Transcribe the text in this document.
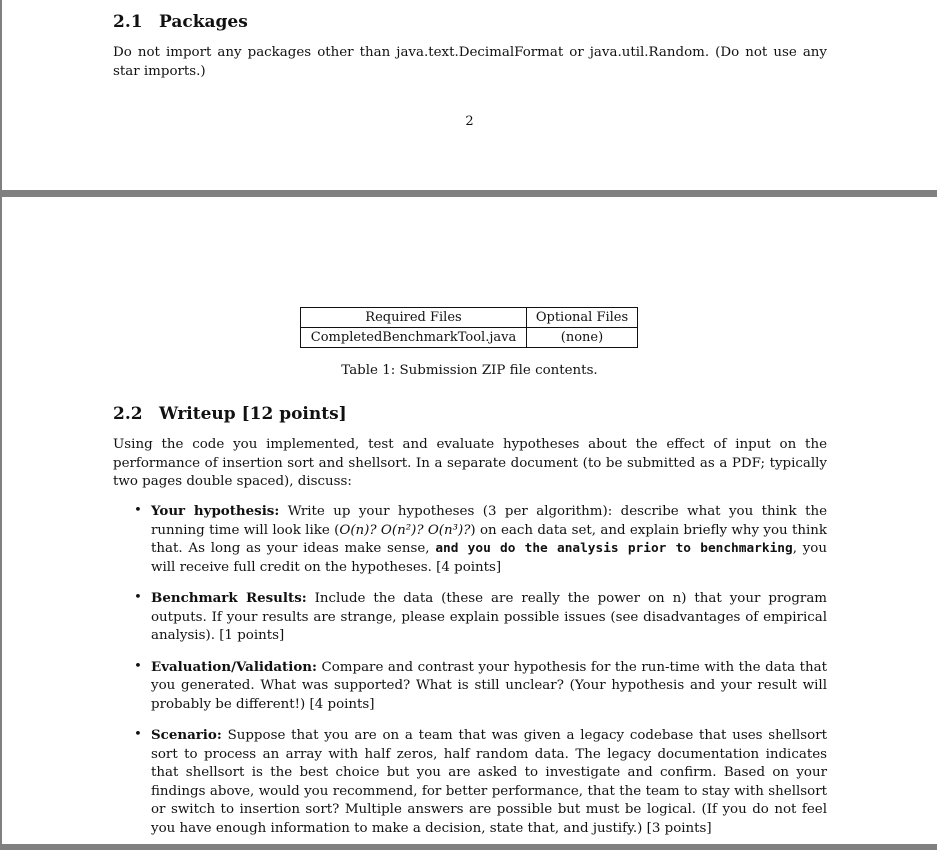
2.1 Packages

Do not import any packages other than java.text.DecimalFormat or java.util.Random. (Do not use any star imports.)

2
Required Files	Optional Files
CompletedBenchmarkTool.java	(none)
Table 1: Submission ZIP file contents.
2.2 Writeup [12 points]

Using the code you implemented, test and evaluate hypotheses about the effect of input on the performance of insertion sort and shellsort. In a separate document (to be submitted as a PDF; typically two pages double spaced), discuss:

• Your hypothesis: Write up your hypotheses (3 per algorithm): describe what you think the running time will look like (O(n)? O(n²)? O(n³)?) on each data set, and explain briefly why you think that. As long as your ideas make sense, and you do the analysis prior to benchmarking, you will receive full credit on the hypotheses. [4 points]
• Benchmark Results: Include the data (these are really the power on n) that your program outputs. If your results are strange, please explain possible issues (see disadvantages of empirical analysis). [1 points]
• Evaluation/Validation: Compare and contrast your hypothesis for the run-time with the data that you generated. What was supported? What is still unclear? (Your hypothesis and your result will probably be different!) [4 points]
• Scenario: Suppose that you are on a team that was given a legacy codebase that uses shellsort sort to process an array with half zeros, half random data. The legacy documentation indicates that shellsort is the best choice but you are asked to investigate and confirm. Based on your findings above, would you recommend, for better performance, that the team to stay with shellsort or switch to insertion sort? Multiple answers are possible but must be logical. (If you do not feel you have enough information to make a decision, state that, and justify.) [3 points]
